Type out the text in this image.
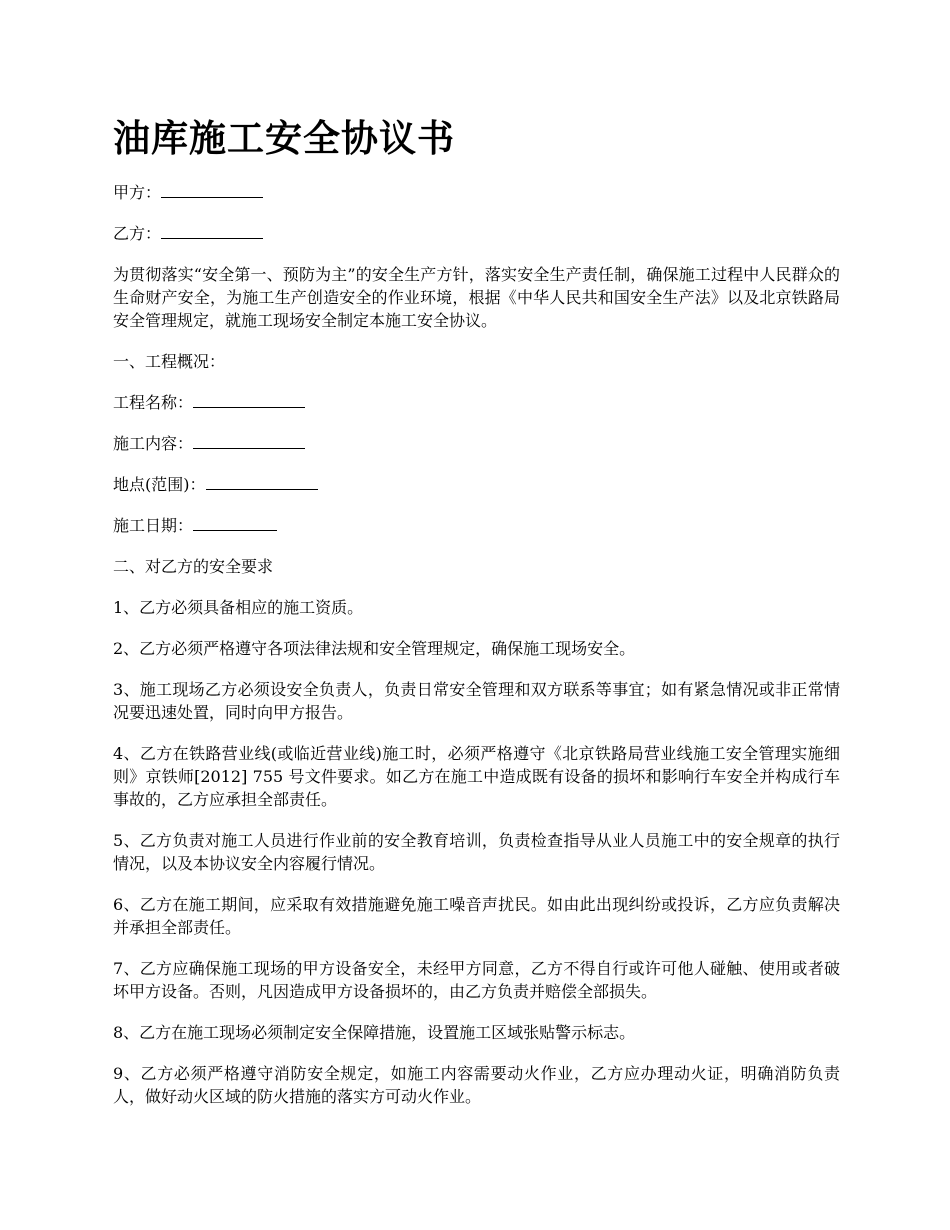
油库施工安全协议书
甲方：
乙方：
为贯彻落实“安全第一、预防为主”的安全生产方针，落实安全生产责任制，确保施工过程中人民群众的生命财产安全，为施工生产创造安全的作业环境，根据《中华人民共和国安全生产法》以及北京铁路局安全管理规定，就施工现场安全制定本施工安全协议。
一、工程概况：
工程名称：
施工内容：
地点(范围)：
施工日期：
二、对乙方的安全要求
1、乙方必须具备相应的施工资质。
2、乙方必须严格遵守各项法律法规和安全管理规定，确保施工现场安全。
3、施工现场乙方必须设安全负责人，负责日常安全管理和双方联系等事宜；如有紧急情况或非正常情况要迅速处置，同时向甲方报告。
4、乙方在铁路营业线(或临近营业线)施工时，必须严格遵守《北京铁路局营业线施工安全管理实施细则》京铁师[2012] 755 号文件要求。如乙方在施工中造成既有设备的损坏和影响行车安全并构成行车事故的，乙方应承担全部责任。
5、乙方负责对施工人员进行作业前的安全教育培训，负责检查指导从业人员施工中的安全规章的执行情况，以及本协议安全内容履行情况。
6、乙方在施工期间，应采取有效措施避免施工噪音声扰民。如由此出现纠纷或投诉，乙方应负责解决并承担全部责任。
7、乙方应确保施工现场的甲方设备安全，未经甲方同意，乙方不得自行或许可他人碰触、使用或者破坏甲方设备。否则，凡因造成甲方设备损坏的，由乙方负责并赔偿全部损失。
8、乙方在施工现场必须制定安全保障措施，设置施工区域张贴警示标志。
9、乙方必须严格遵守消防安全规定，如施工内容需要动火作业，乙方应办理动火证，明确消防负责人，做好动火区域的防火措施的落实方可动火作业。
